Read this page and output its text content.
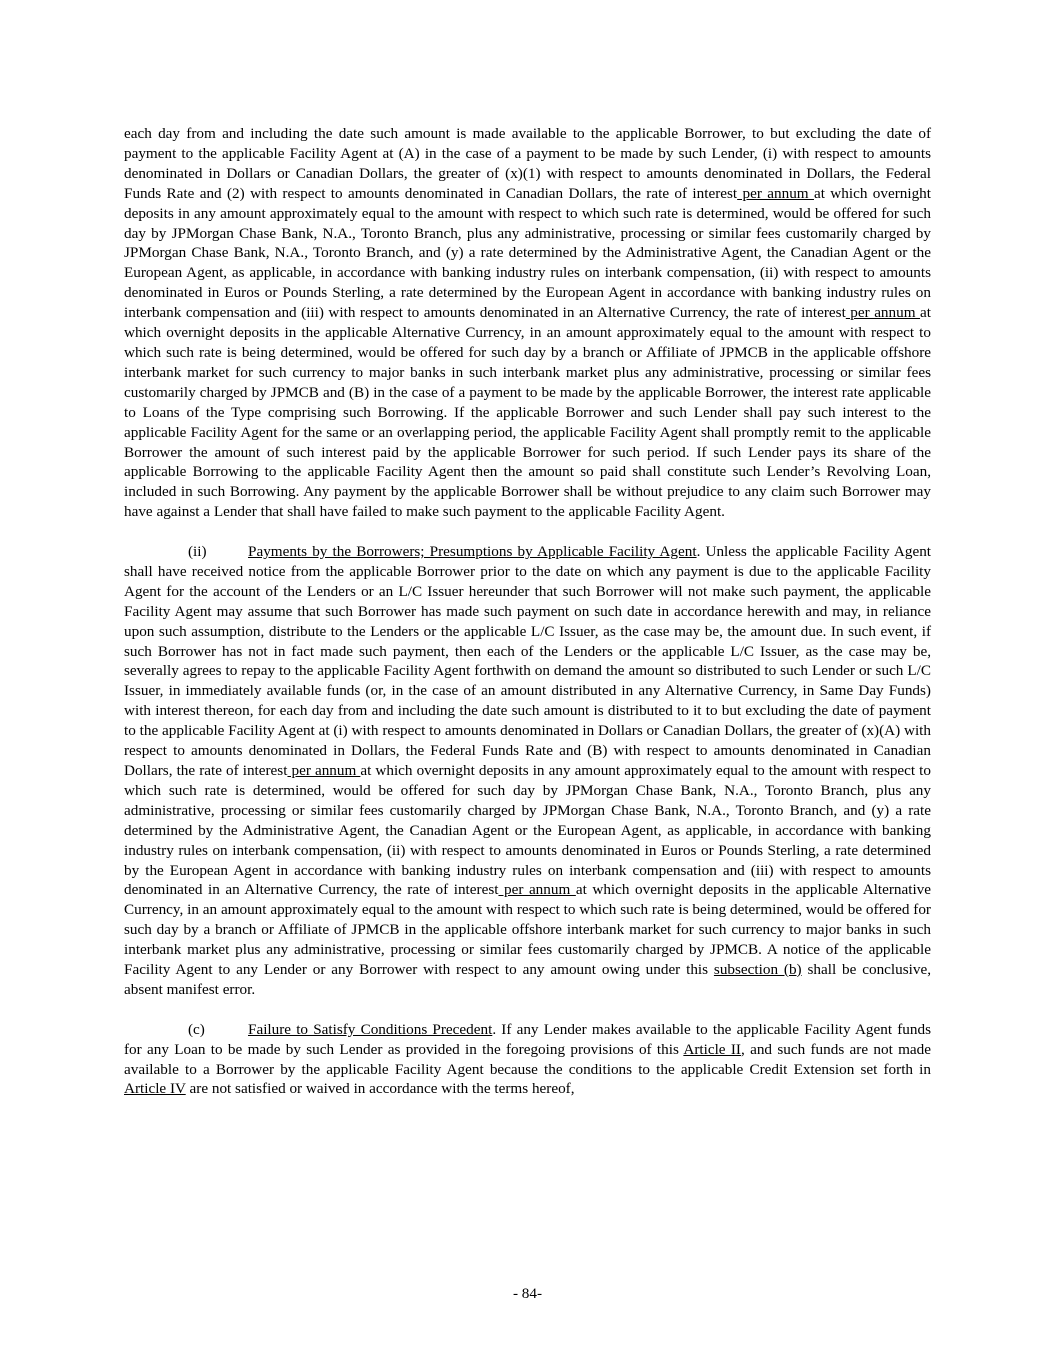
each day from and including the date such amount is made available to the applicable Borrower, to but excluding the date of payment to the applicable Facility Agent at (A) in the case of a payment to be made by such Lender, (i) with respect to amounts denominated in Dollars or Canadian Dollars, the greater of (x)(1) with respect to amounts denominated in Dollars, the Federal Funds Rate and (2) with respect to amounts denominated in Canadian Dollars, the rate of interest per annum at which overnight deposits in any amount approximately equal to the amount with respect to which such rate is determined, would be offered for such day by JPMorgan Chase Bank, N.A., Toronto Branch, plus any administrative, processing or similar fees customarily charged by JPMorgan Chase Bank, N.A., Toronto Branch, and (y) a rate determined by the Administrative Agent, the Canadian Agent or the European Agent, as applicable, in accordance with banking industry rules on interbank compensation, (ii) with respect to amounts denominated in Euros or Pounds Sterling, a rate determined by the European Agent in accordance with banking industry rules on interbank compensation and (iii) with respect to amounts denominated in an Alternative Currency, the rate of interest per annum at which overnight deposits in the applicable Alternative Currency, in an amount approximately equal to the amount with respect to which such rate is being determined, would be offered for such day by a branch or Affiliate of JPMCB in the applicable offshore interbank market for such currency to major banks in such interbank market plus any administrative, processing or similar fees customarily charged by JPMCB and (B) in the case of a payment to be made by the applicable Borrower, the interest rate applicable to Loans of the Type comprising such Borrowing. If the applicable Borrower and such Lender shall pay such interest to the applicable Facility Agent for the same or an overlapping period, the applicable Facility Agent shall promptly remit to the applicable Borrower the amount of such interest paid by the applicable Borrower for such period. If such Lender pays its share of the applicable Borrowing to the applicable Facility Agent then the amount so paid shall constitute such Lender’s Revolving Loan, included in such Borrowing. Any payment by the applicable Borrower shall be without prejudice to any claim such Borrower may have against a Lender that shall have failed to make such payment to the applicable Facility Agent.

(ii)	Payments by the Borrowers; Presumptions by Applicable Facility Agent. Unless the applicable Facility Agent shall have received notice from the applicable Borrower prior to the date on which any payment is due to the applicable Facility Agent for the account of the Lenders or an L/C Issuer hereunder that such Borrower will not make such payment, the applicable Facility Agent may assume that such Borrower has made such payment on such date in accordance herewith and may, in reliance upon such assumption, distribute to the Lenders or the applicable L/C Issuer, as the case may be, the amount due. In such event, if such Borrower has not in fact made such payment, then each of the Lenders or the applicable L/C Issuer, as the case may be, severally agrees to repay to the applicable Facility Agent forthwith on demand the amount so distributed to such Lender or such L/C Issuer, in immediately available funds (or, in the case of an amount distributed in any Alternative Currency, in Same Day Funds) with interest thereon, for each day from and including the date such amount is distributed to it to but excluding the date of payment to the applicable Facility Agent at (i) with respect to amounts denominated in Dollars or Canadian Dollars, the greater of (x)(A) with respect to amounts denominated in Dollars, the Federal Funds Rate and (B) with respect to amounts denominated in Canadian Dollars, the rate of interest per annum at which overnight deposits in any amount approximately equal to the amount with respect to which such rate is determined, would be offered for such day by JPMorgan Chase Bank, N.A., Toronto Branch, plus any administrative, processing or similar fees customarily charged by JPMorgan Chase Bank, N.A., Toronto Branch, and (y) a rate determined by the Administrative Agent, the Canadian Agent or the European Agent, as applicable, in accordance with banking industry rules on interbank compensation, (ii) with respect to amounts denominated in Euros or Pounds Sterling, a rate determined by the European Agent in accordance with banking industry rules on interbank compensation and (iii) with respect to amounts denominated in an Alternative Currency, the rate of interest per annum at which overnight deposits in the applicable Alternative Currency, in an amount approximately equal to the amount with respect to which such rate is being determined, would be offered for such day by a branch or Affiliate of JPMCB in the applicable offshore interbank market for such currency to major banks in such interbank market plus any administrative, processing or similar fees customarily charged by JPMCB. A notice of the applicable Facility Agent to any Lender or any Borrower with respect to any amount owing under this subsection (b) shall be conclusive, absent manifest error.

(c)	Failure to Satisfy Conditions Precedent. If any Lender makes available to the applicable Facility Agent funds for any Loan to be made by such Lender as provided in the foregoing provisions of this Article II, and such funds are not made available to a Borrower by the applicable Facility Agent because the conditions to the applicable Credit Extension set forth in Article IV are not satisfied or waived in accordance with the terms hereof,

- 84-
